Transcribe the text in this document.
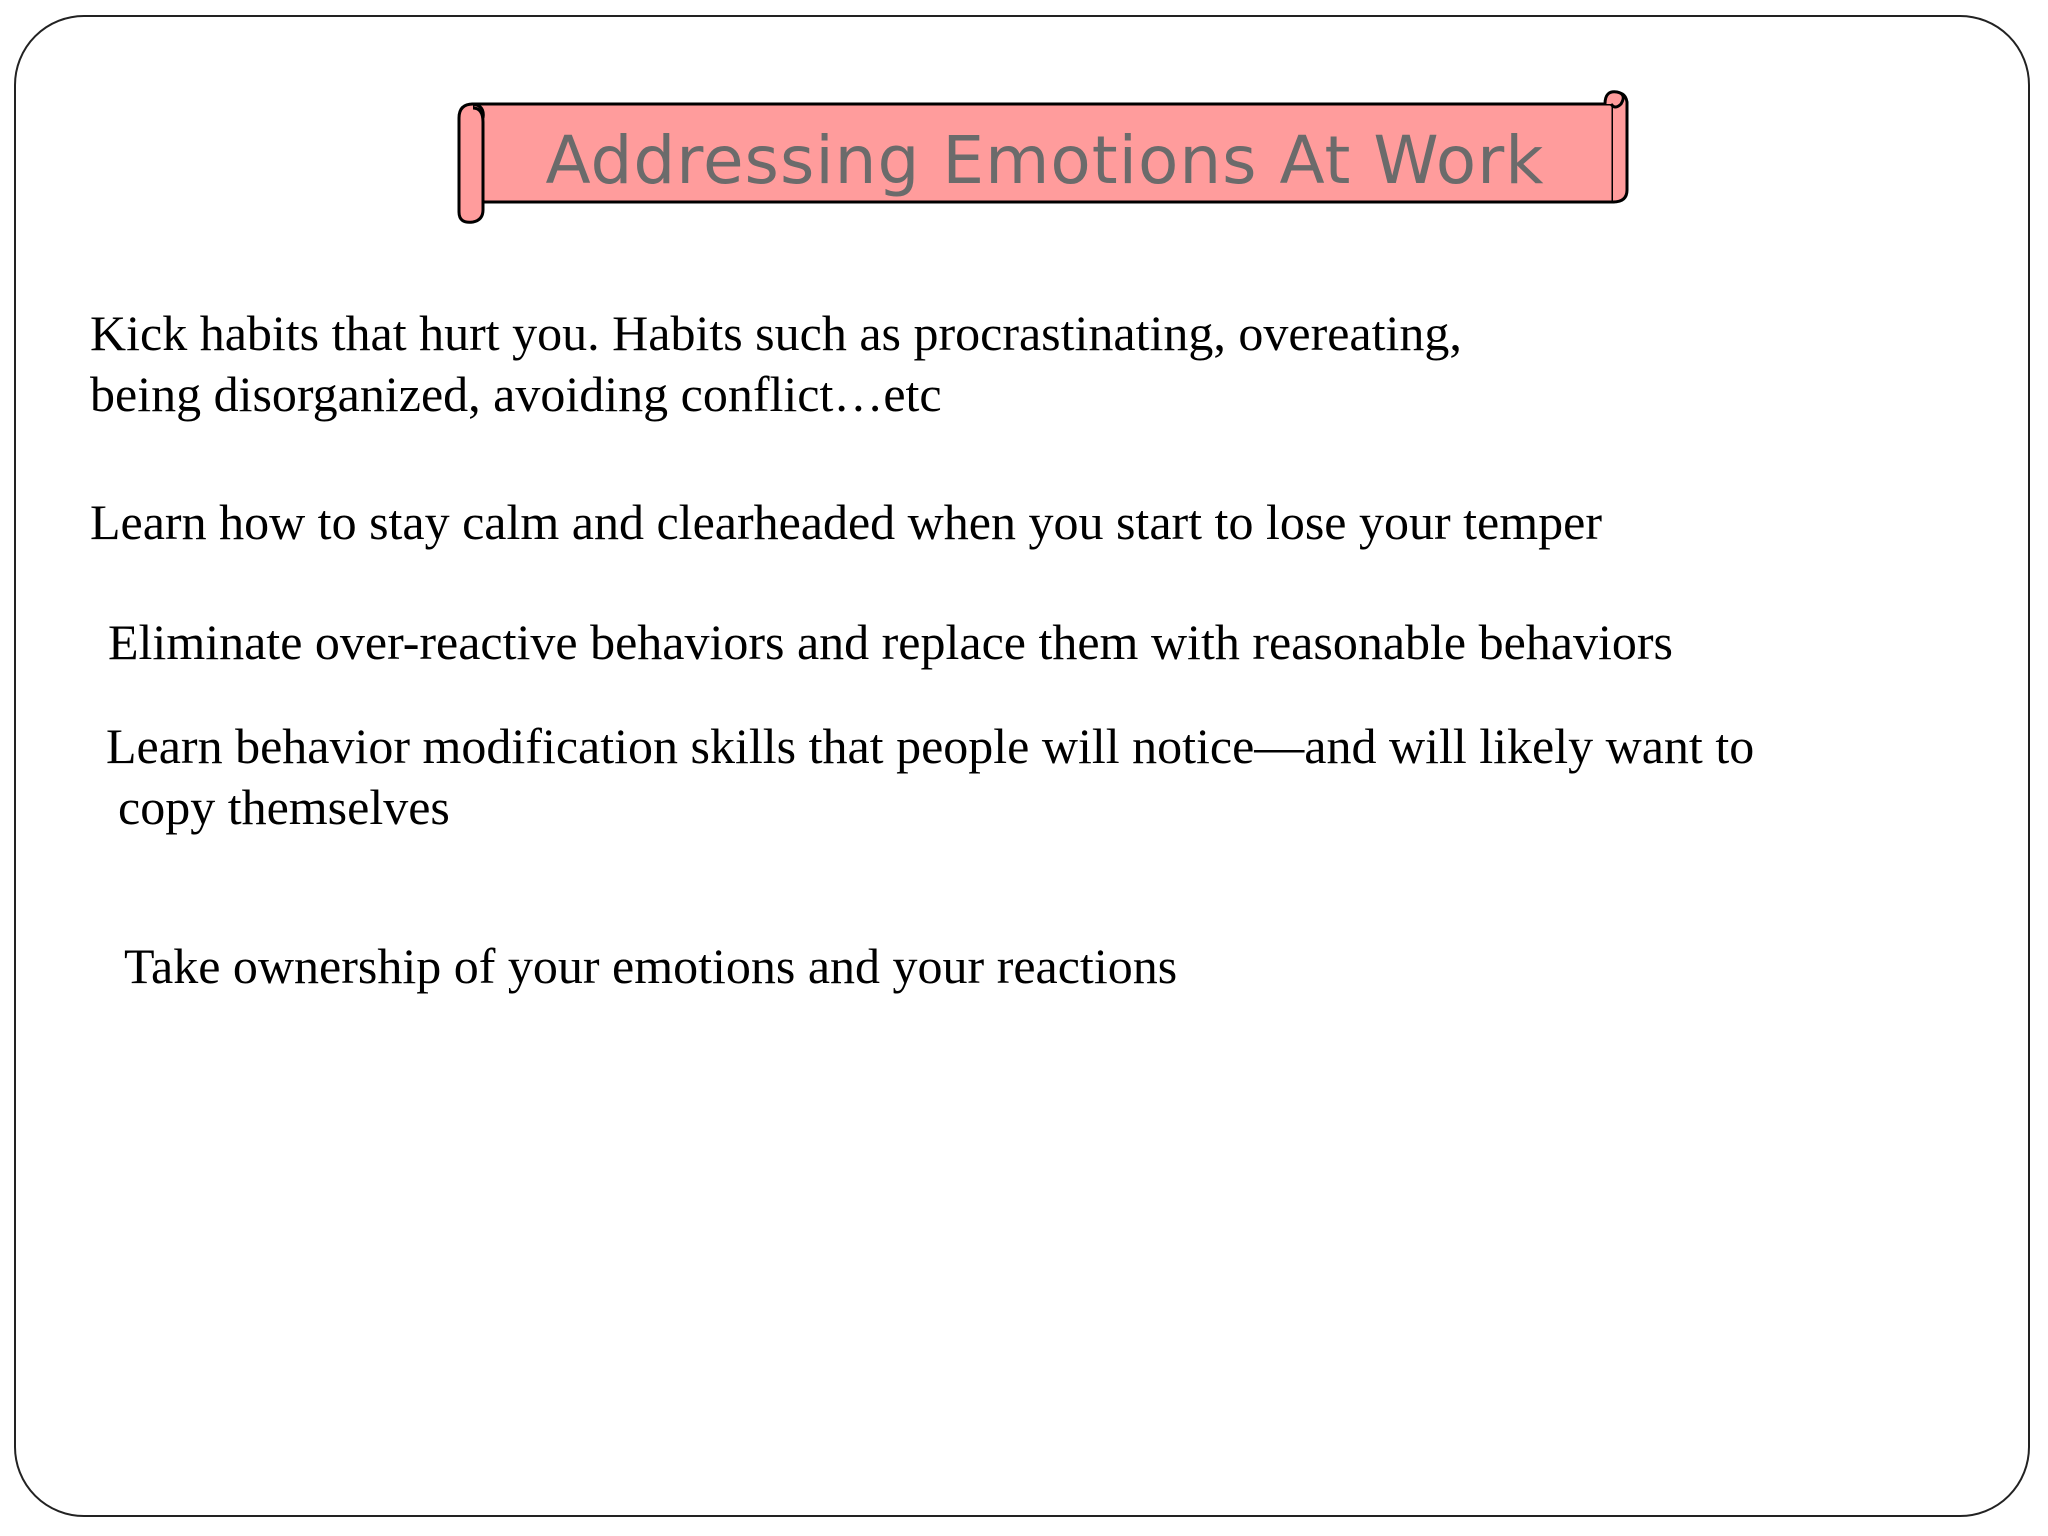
Addressing Emotions At Work
Kick habits that hurt you. Habits such as procrastinating, overeating,
being disorganized, avoiding conflict…etc
Learn how to stay calm and clearheaded when you start to lose your temper
Eliminate over-reactive behaviors and replace them with reasonable behaviors
Learn behavior modification skills that people will notice—and will likely want to
copy themselves
Take ownership of your emotions and your reactions
